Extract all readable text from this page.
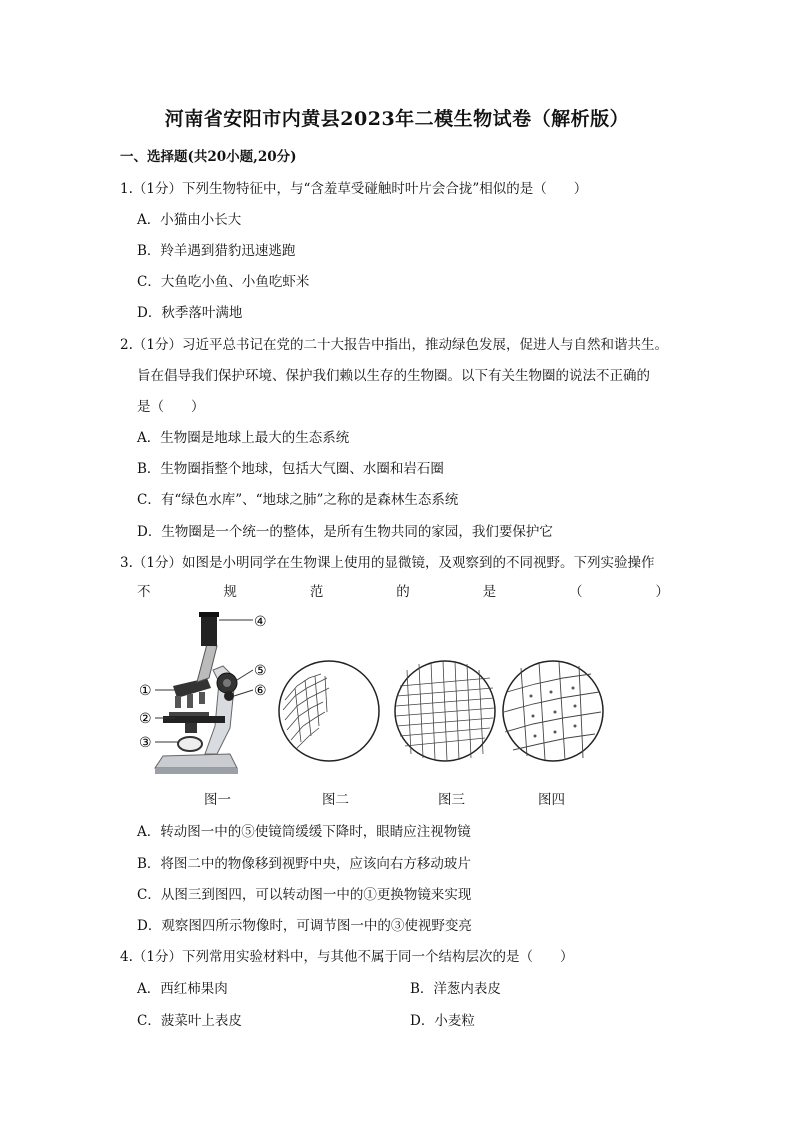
河南省安阳市内黄县2023年二模生物试卷（解析版）
一、选择题(共20小题,20分)
1.（1分）下列生物特征中，与“含羞草受碰触时叶片会合拢”相似的是（　　）
A．小猫由小长大
B．羚羊遇到猎豹迅速逃跑
C．大鱼吃小鱼、小鱼吃虾米
D．秋季落叶满地
2.（1分）习近平总书记在党的二十大报告中指出，推动绿色发展，促进人与自然和谐共生。
旨在倡导我们保护环境、保护我们赖以生存的生物圈。以下有关生物圈的说法不正确的
是（　　）
A．生物圈是地球上最大的生态系统
B．生物圈指整个地球，包括大气圈、水圈和岩石圈
C．有“绿色水库”、“地球之肺”之称的是森林生态系统
D．生物圈是一个统一的整体，是所有生物共同的家园，我们要保护它
3.（1分）如图是小明同学在生物课上使用的显微镜，及观察到的不同视野。下列实验操作
不	规	范	的	是	（	）
④
⑤
⑥
①
②
③
图一	图二	图三	图四
A．转动图一中的⑤使镜筒缓缓下降时，眼睛应注视物镜
B．将图二中的物像移到视野中央，应该向右方移动玻片
C．从图三到图四，可以转动图一中的①更换物镜来实现
D．观察图四所示物像时，可调节图一中的③使视野变亮
4.（1分）下列常用实验材料中，与其他不属于同一个结构层次的是（　　）
A．西红柿果肉	B．洋葱内表皮
C．菠菜叶上表皮	D．小麦粒
